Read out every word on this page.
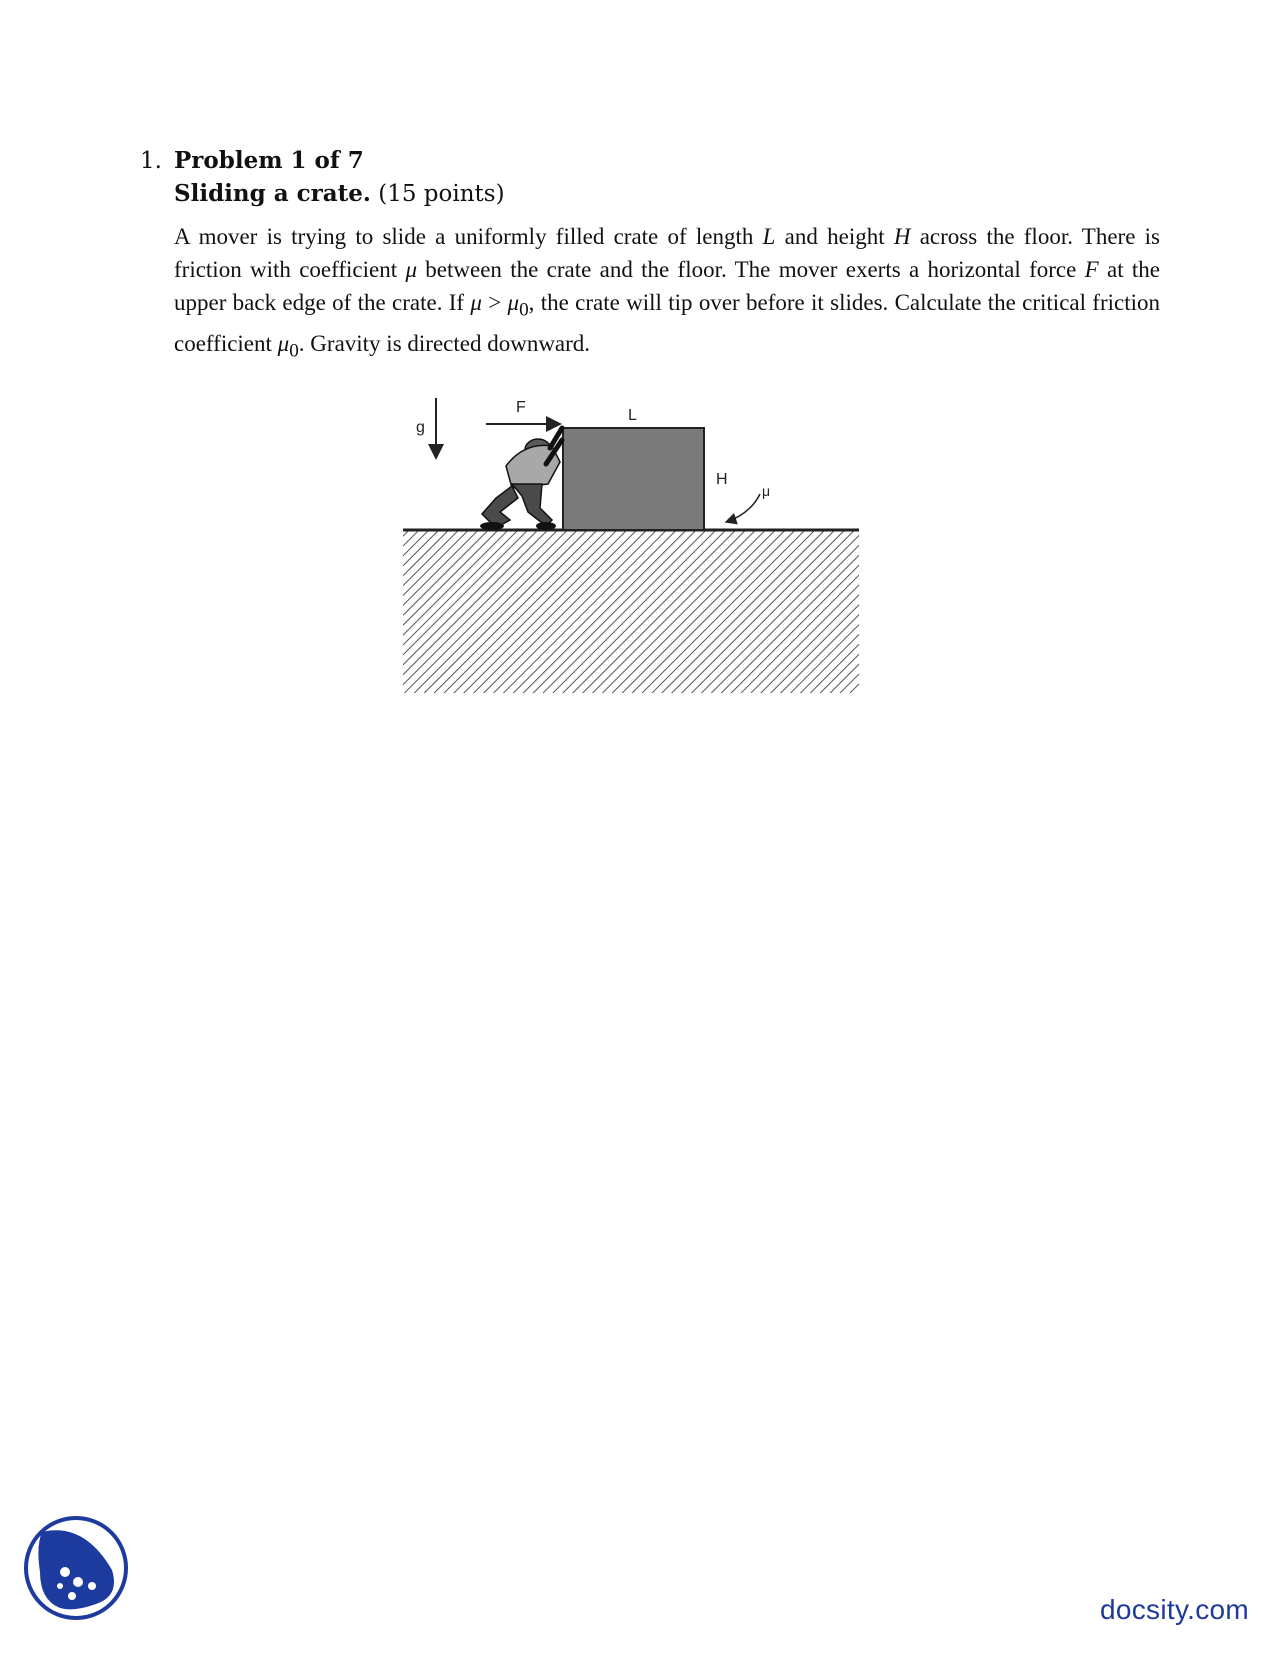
1. Problem 1 of 7
Sliding a crate. (15 points)
A mover is trying to slide a uniformly filled crate of length L and height H across the floor. There is friction with coefficient μ between the crate and the floor. The mover exerts a horizontal force F at the upper back edge of the crate. If $\mu > \mu_0$, the crate will tip over before it slides. Calculate the critical friction coefficient $\mu_0$. Gravity is directed downward.
g
F	L
H
μ
docsity.com
